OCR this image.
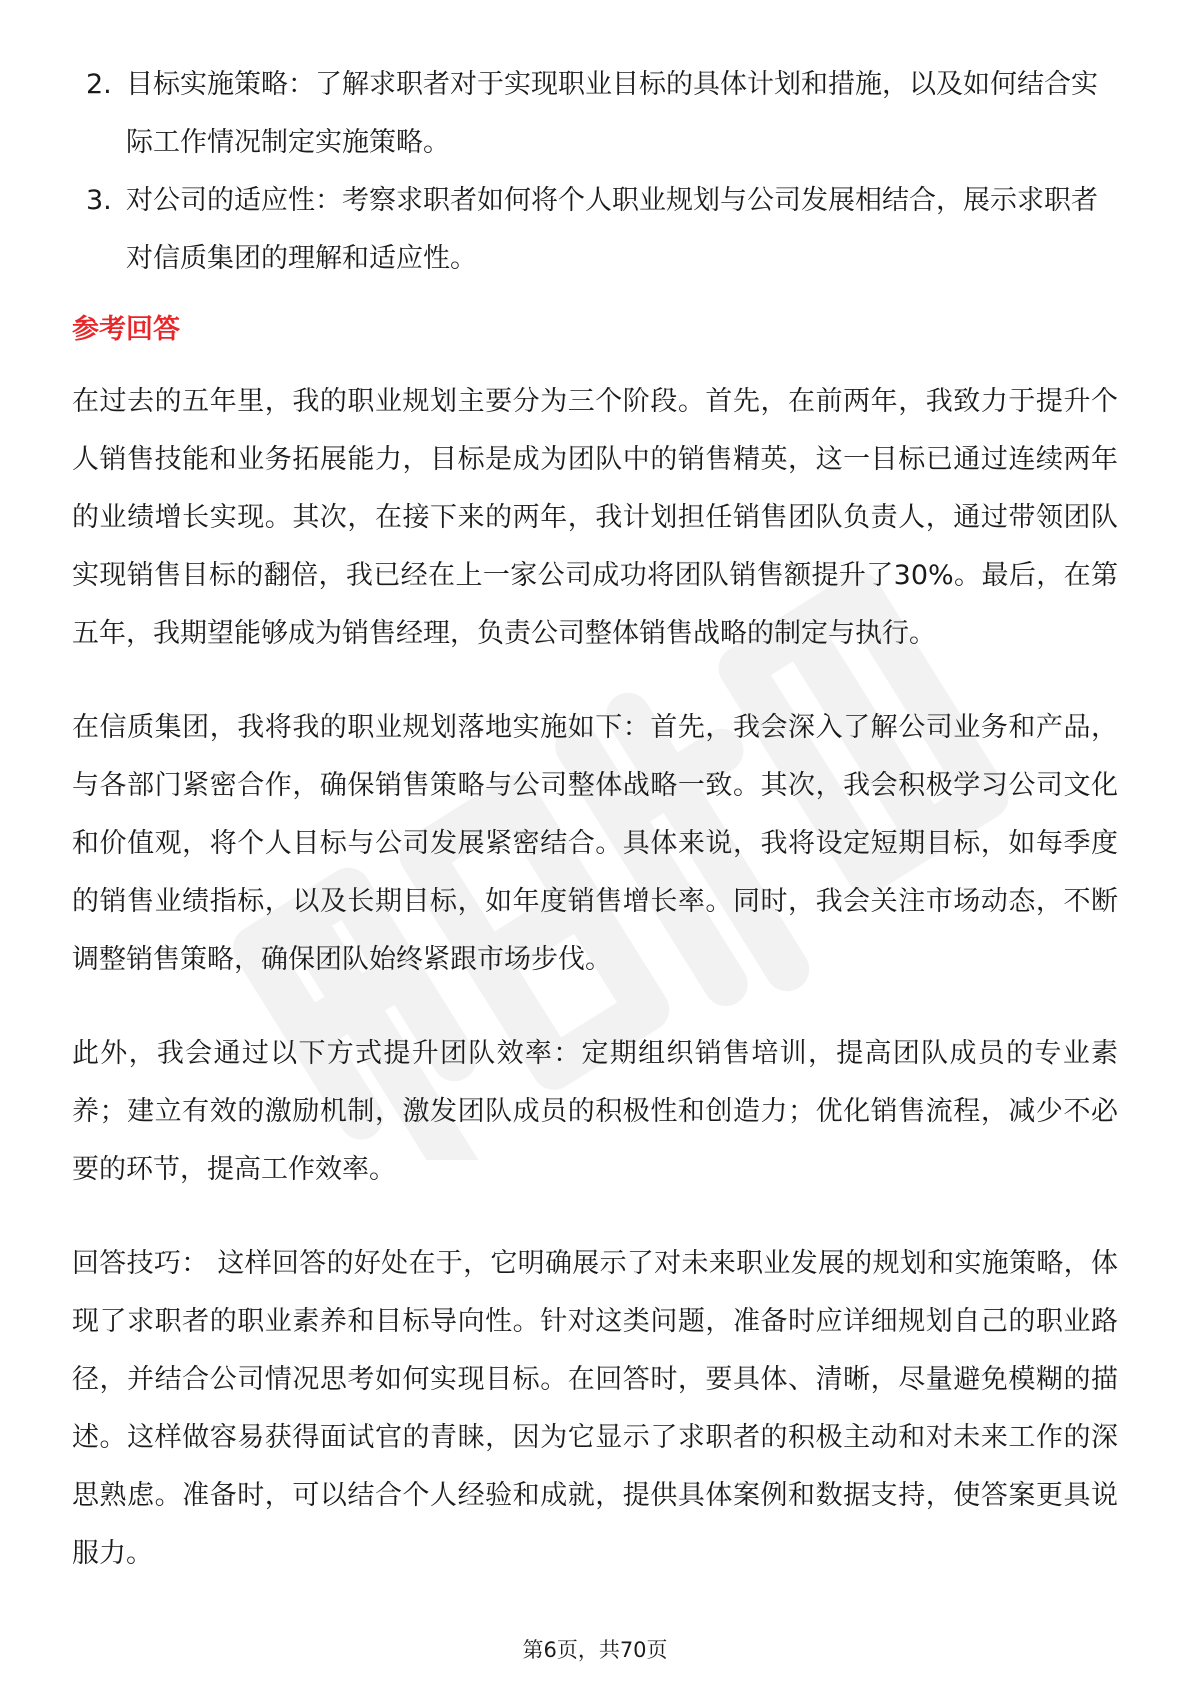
2. 目标实施策略：了解求职者对于实现职业目标的具体计划和措施，以及如何结合实际工作情况制定实施策略。
3. 对公司的适应性：考察求职者如何将个人职业规划与公司发展相结合，展示求职者对信质集团的理解和适应性。
参考回答

在过去的五年里，我的职业规划主要分为三个阶段。首先，在前两年，我致力于提升个人销售技能和业务拓展能力，目标是成为团队中的销售精英，这一目标已通过连续两年的业绩增长实现。其次，在接下来的两年，我计划担任销售团队负责人，通过带领团队实现销售目标的翻倍，我已经在上一家公司成功将团队销售额提升了30%。最后，在第五年，我期望能够成为销售经理，负责公司整体销售战略的制定与执行。

在信质集团，我将我的职业规划落地实施如下：首先，我会深入了解公司业务和产品，与各部门紧密合作，确保销售策略与公司整体战略一致。其次，我会积极学习公司文化和价值观，将个人目标与公司发展紧密结合。具体来说，我将设定短期目标，如每季度的销售业绩指标，以及长期目标，如年度销售增长率。同时，我会关注市场动态，不断调整销售策略，确保团队始终紧跟市场步伐。

此外，我会通过以下方式提升团队效率：定期组织销售培训，提高团队成员的专业素养；建立有效的激励机制，激发团队成员的积极性和创造力；优化销售流程，减少不必要的环节，提高工作效率。

回答技巧： 这样回答的好处在于，它明确展示了对未来职业发展的规划和实施策略，体现了求职者的职业素养和目标导向性。针对这类问题，准备时应详细规划自己的职业路径，并结合公司情况思考如何实现目标。在回答时，要具体、清晰，尽量避免模糊的描述。这样做容易获得面试官的青睐，因为它显示了求职者的积极主动和对未来工作的深思熟虑。准备时，可以结合个人经验和成就，提供具体案例和数据支持，使答案更具说服力。

第6页，共70页
